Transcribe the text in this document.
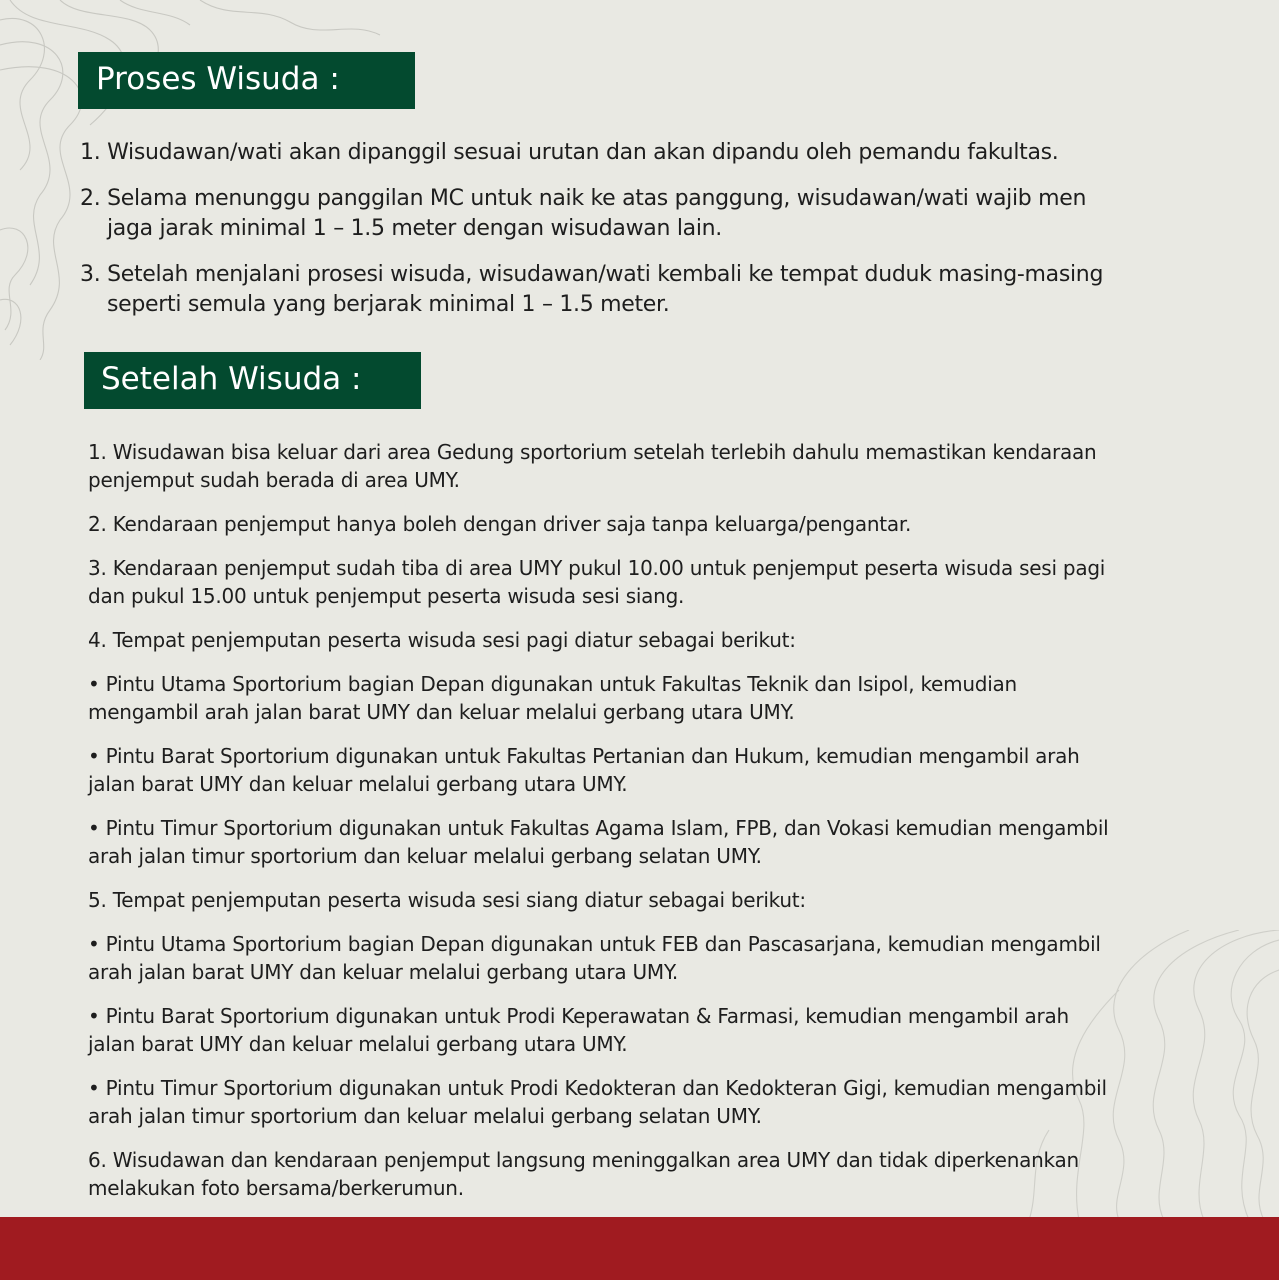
Proses Wisuda :
1. Wisudawan/wati akan dipanggil sesuai urutan dan akan dipandu oleh pemandu fakultas.
2. Selama menunggu panggilan MC untuk naik ke atas panggung, wisudawan/wati wajib men
jaga jarak minimal 1 – 1.5 meter dengan wisudawan lain.
3. Setelah menjalani prosesi wisuda, wisudawan/wati kembali ke tempat duduk masing-masing
seperti semula yang berjarak minimal 1 – 1.5 meter.
Setelah Wisuda :

1. Wisudawan bisa keluar dari area Gedung sportorium setelah terlebih dahulu memastikan kendaraan
penjemput sudah berada di area UMY.

2. Kendaraan penjemput hanya boleh dengan driver saja tanpa keluarga/pengantar.

3. Kendaraan penjemput sudah tiba di area UMY pukul 10.00 untuk penjemput peserta wisuda sesi pagi
dan pukul 15.00 untuk penjemput peserta wisuda sesi siang.

4. Tempat penjemputan peserta wisuda sesi pagi diatur sebagai berikut:

• Pintu Utama Sportorium bagian Depan digunakan untuk Fakultas Teknik dan Isipol, kemudian
mengambil arah jalan barat UMY dan keluar melalui gerbang utara UMY.

• Pintu Barat Sportorium digunakan untuk Fakultas Pertanian dan Hukum, kemudian mengambil arah
jalan barat UMY dan keluar melalui gerbang utara UMY.

• Pintu Timur Sportorium digunakan untuk Fakultas Agama Islam, FPB, dan Vokasi kemudian mengambil
arah jalan timur sportorium dan keluar melalui gerbang selatan UMY.

5. Tempat penjemputan peserta wisuda sesi siang diatur sebagai berikut:

• Pintu Utama Sportorium bagian Depan digunakan untuk FEB dan Pascasarjana, kemudian mengambil
arah jalan barat UMY dan keluar melalui gerbang utara UMY.

• Pintu Barat Sportorium digunakan untuk Prodi Keperawatan & Farmasi, kemudian mengambil arah
jalan barat UMY dan keluar melalui gerbang utara UMY.

• Pintu Timur Sportorium digunakan untuk Prodi Kedokteran dan Kedokteran Gigi, kemudian mengambil
arah jalan timur sportorium dan keluar melalui gerbang selatan UMY.

6. Wisudawan dan kendaraan penjemput langsung meninggalkan area UMY dan tidak diperkenankan
melakukan foto bersama/berkerumun.
